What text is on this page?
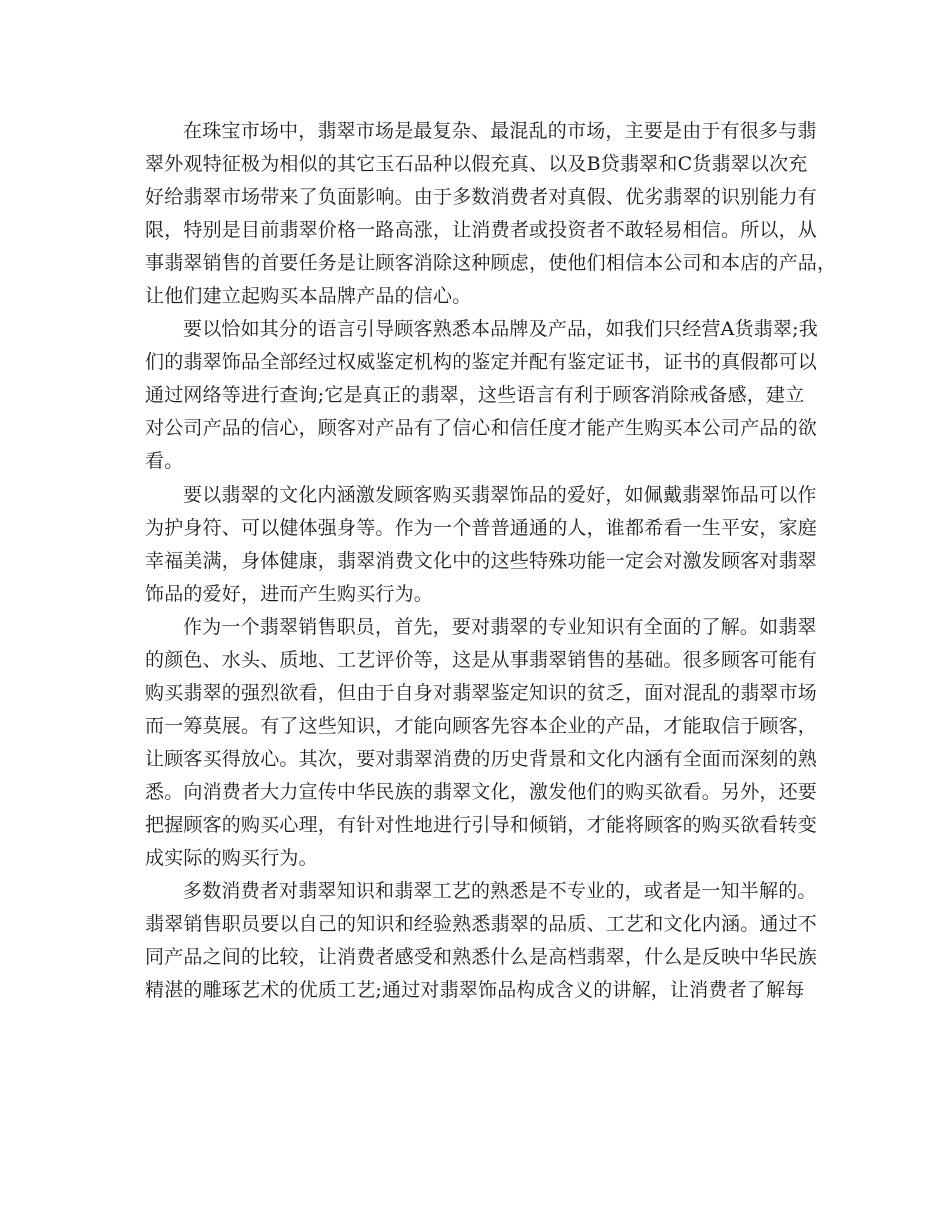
在珠宝市场中，翡翠市场是最复杂、最混乱的市场，主要是由于有很多与翡
翠外观特征极为相似的其它玉石品种以假充真、以及B贷翡翠和C货翡翠以次充
好给翡翠市场带来了负面影响。由于多数消费者对真假、优劣翡翠的识别能力有
限，特别是目前翡翠价格一路高涨，让消费者或投资者不敢轻易相信。所以，从
事翡翠销售的首要任务是让顾客消除这种顾虑，使他们相信本公司和本店的产品，
让他们建立起购买本品牌产品的信心。
要以恰如其分的语言引导顾客熟悉本品牌及产品，如我们只经营A货翡翠;我
们的翡翠饰品全部经过权威鉴定机构的鉴定并配有鉴定证书，证书的真假都可以
通过网络等进行查询;它是真正的翡翠，这些语言有利于顾客消除戒备感，建立
对公司产品的信心，顾客对产品有了信心和信任度才能产生购买本公司产品的欲
看。
要以翡翠的文化内涵激发顾客购买翡翠饰品的爱好，如佩戴翡翠饰品可以作
为护身符、可以健体强身等。作为一个普普通通的人，谁都希看一生平安，家庭
幸福美满，身体健康，翡翠消费文化中的这些特殊功能一定会对激发顾客对翡翠
饰品的爱好，进而产生购买行为。
作为一个翡翠销售职员，首先，要对翡翠的专业知识有全面的了解。如翡翠
的颜色、水头、质地、工艺评价等，这是从事翡翠销售的基础。很多顾客可能有
购买翡翠的强烈欲看，但由于自身对翡翠鉴定知识的贫乏，面对混乱的翡翠市场
而一筹莫展。有了这些知识，才能向顾客先容本企业的产品，才能取信于顾客，
让顾客买得放心。其次，要对翡翠消费的历史背景和文化内涵有全面而深刻的熟
悉。向消费者大力宣传中华民族的翡翠文化，激发他们的购买欲看。另外，还要
把握顾客的购买心理，有针对性地进行引导和倾销，才能将顾客的购买欲看转变
成实际的购买行为。
多数消费者对翡翠知识和翡翠工艺的熟悉是不专业的，或者是一知半解的。
翡翠销售职员要以自己的知识和经验熟悉翡翠的品质、工艺和文化内涵。通过不
同产品之间的比较，让消费者感受和熟悉什么是高档翡翠，什么是反映中华民族
精湛的雕琢艺术的优质工艺;通过对翡翠饰品构成含义的讲解，让消费者了解每
